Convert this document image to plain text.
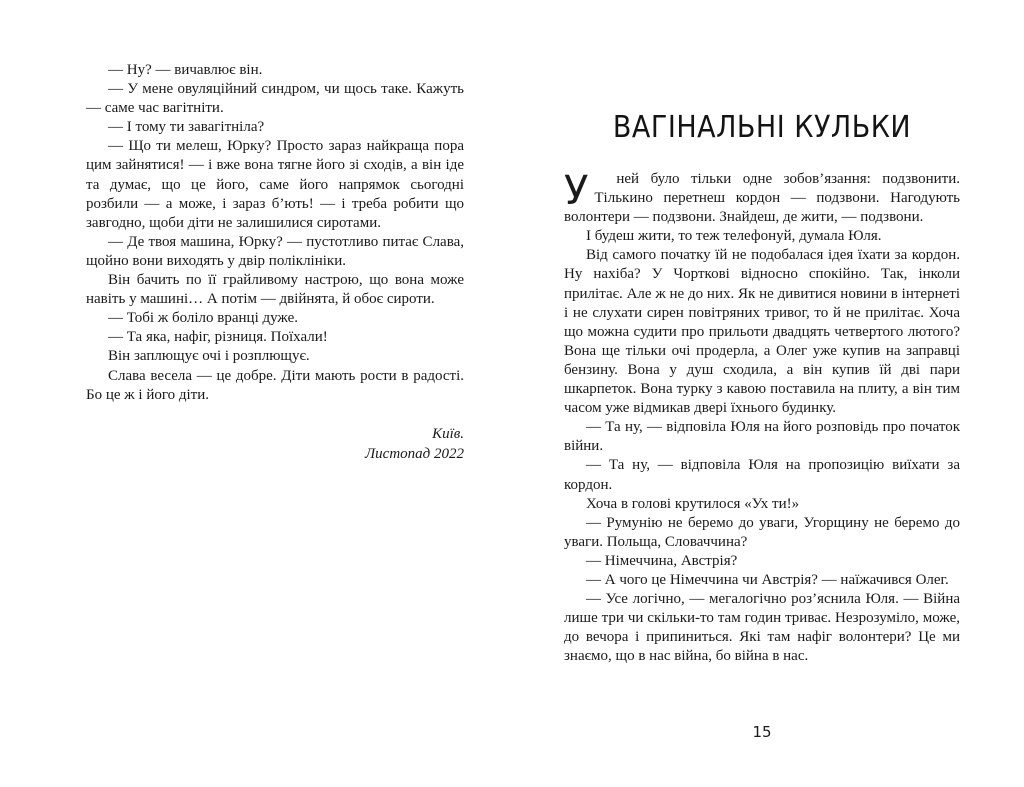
— Ну? — вичавлює він.

— У мене овуляційний синдром, чи щось таке. Кажуть — саме час вагітніти.

— І тому ти завагітніла?

— Що ти мелеш, Юрку? Просто зараз найкраща пора цим зайнятися! — і вже вона тягне його зі сходів, а він іде та думає, що це його, саме його напрямок сьогодні розбили — а може, і зараз б’ють! — і треба робити що завгодно, щоби діти не залишилися сиротами.

— Де твоя машина, Юрку? — пустотливо питає Слава, щойно вони виходять у двір поліклініки.

Він бачить по її грайливому настрою, що вона може навіть у машині… А потім — двійнята, й обоє сироти.

— Тобі ж боліло вранці дуже.

— Та яка, нафіг, різниця. Поїхали!

Він заплющує очі і розплющує.

Слава весела — це добре. Діти мають рости в радості. Бо це ж і його діти.

Київ.
Листопад 2022
ВАГІНАЛЬНІ КУЛЬКИ

У ней було тільки одне зобов’язання: подзвонити. Тількино перетнеш кордон — подзвони. Нагодують волонтери — подзвони. Знайдеш, де жити, — подзвони.

І будеш жити, то теж телефонуй, думала Юля.

Від самого початку їй не подобалася ідея їхати за кордон. Ну нахіба? У Чорткові відносно спокійно. Так, інколи прилітає. Але ж не до них. Як не дивитися новини в інтернеті і не слухати сирен повітряних тривог, то й не прилітає. Хоча що можна судити про прильоти двадцять четвертого лютого? Вона ще тільки очі продерла, а Олег уже купив на заправці бензину. Вона у душ сходила, а він купив їй дві пари шкарпеток. Вона турку з кавою поставила на плиту, а він тим часом уже відмикав двері їхнього будинку.

— Та ну, — відповіла Юля на його розповідь про початок війни.

— Та ну, — відповіла Юля на пропозицію виїхати за кордон.

Хоча в голові крутилося «Ух ти!»

— Румунію не беремо до уваги, Угорщину не беремо до уваги. Польща, Словаччина?

— Німеччина, Австрія?

— А чого це Німеччина чи Австрія? — наїжачився Олег.

— Усе логічно, — мегалогічно роз’яснила Юля. — Війна лише три чи скільки-то там годин триває. Незрозуміло, може, до вечора і припиниться. Які там нафіг волонтери? Це ми знаємо, що в нас війна, бо війна в нас.

15
